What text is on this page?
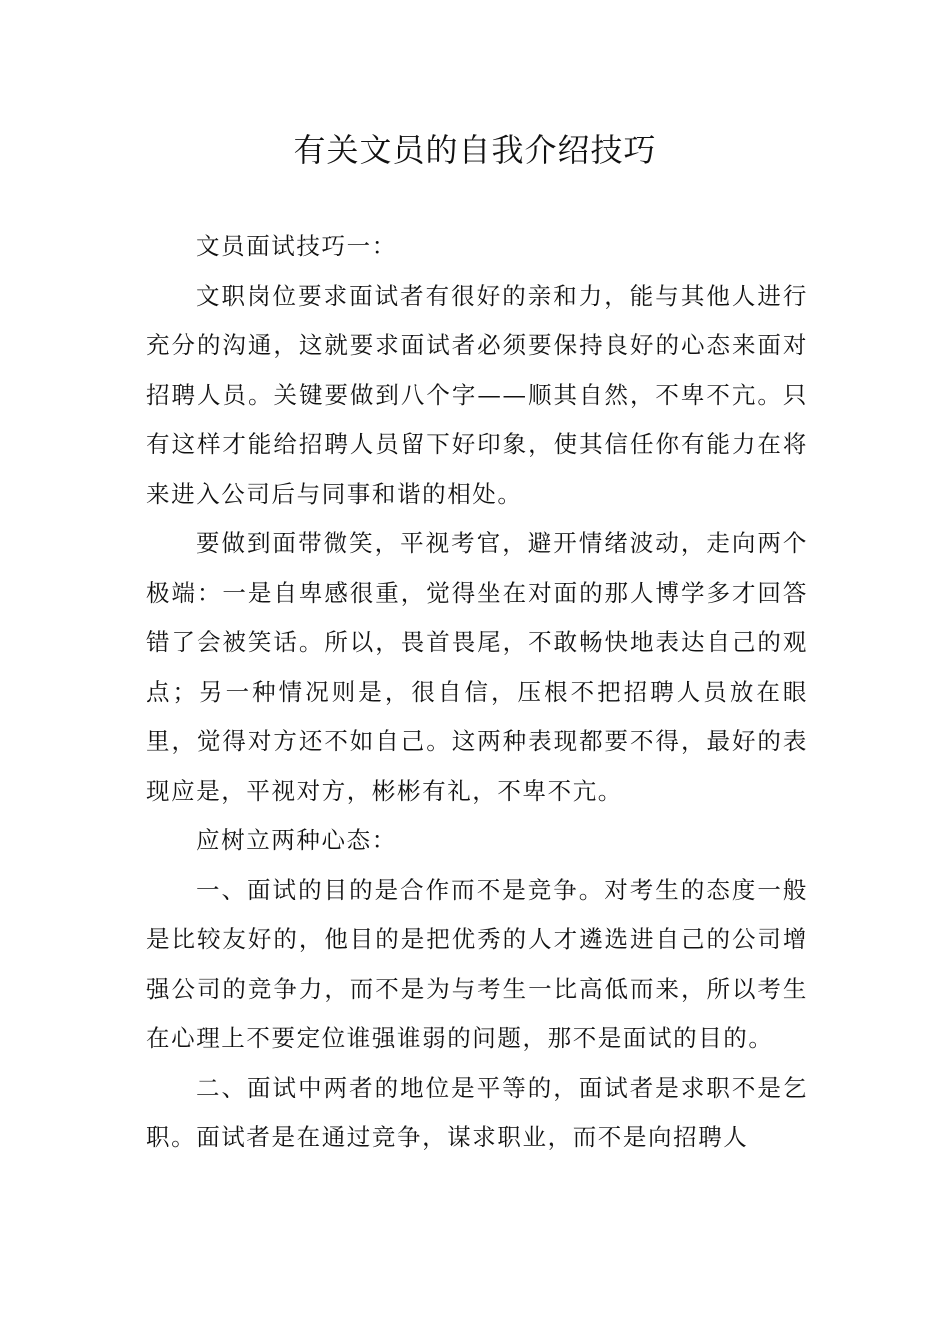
有关文员的自我介绍技巧

文员面试技巧一：

文职岗位要求面试者有很好的亲和力，能与其他人进行充分的沟通，这就要求面试者必须要保持良好的心态来面对招聘人员。关键要做到八个字——顺其自然，不卑不亢。只有这样才能给招聘人员留下好印象，使其信任你有能力在将来进入公司后与同事和谐的相处。

要做到面带微笑，平视考官，避开情绪波动，走向两个极端：一是自卑感很重，觉得坐在对面的那人博学多才回答错了会被笑话。所以，畏首畏尾，不敢畅快地表达自己的观点；另一种情况则是，很自信，压根不把招聘人员放在眼里，觉得对方还不如自己。这两种表现都要不得，最好的表现应是，平视对方，彬彬有礼，不卑不亢。

应树立两种心态：

一、面试的目的是合作而不是竞争。对考生的态度一般是比较友好的，他目的是把优秀的人才遴选进自己的公司增强公司的竞争力，而不是为与考生一比高低而来，所以考生在心理上不要定位谁强谁弱的问题，那不是面试的目的。

二、面试中两者的地位是平等的，面试者是求职不是乞职。面试者是在通过竞争，谋求职业，而不是向招聘人
